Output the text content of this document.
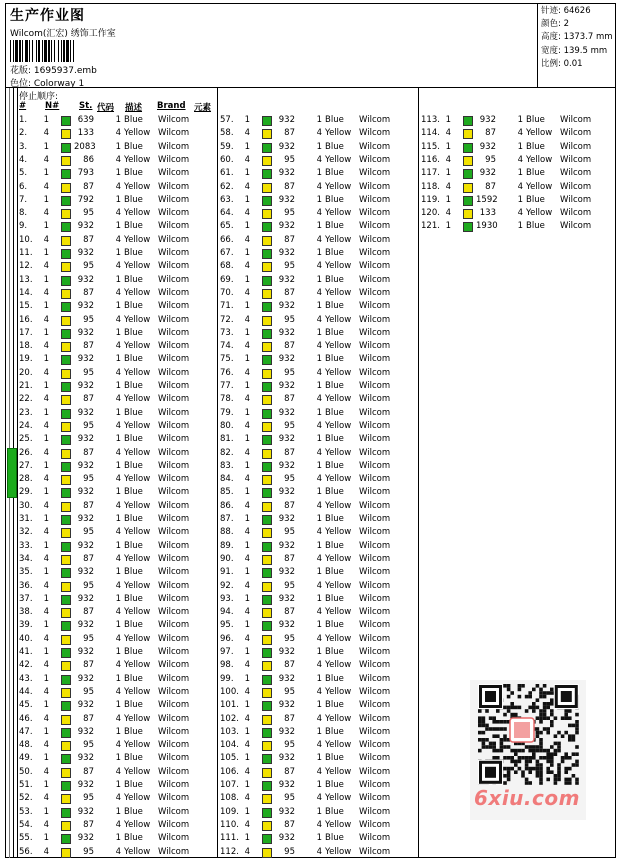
生产作业图
Wilcom(汇宏) 绣饰工作室
花版: 1695937.emb
色位: Colorway 1
针迹: 64626
颜色: 2
高度: 1373.7 mm
宽度: 139.5 mm
比例: 0.01
停止顺序:
# N# St. 代码 描述 Brand 元素
1.	1	639	1 Blue Wilcom
2.	4	133	4 Yellow Wilcom
3.	1	2083	1 Blue Wilcom
4.	4	86	4 Yellow Wilcom
5.	1	793	1 Blue Wilcom
6.	4	87	4 Yellow Wilcom
7.	1	792	1 Blue Wilcom
8.	4	95	4 Yellow Wilcom
9.	1	932	1 Blue Wilcom
10.	4	87	4 Yellow Wilcom
11.	1	932	1 Blue Wilcom
12.	4	95	4 Yellow Wilcom
13.	1	932	1 Blue Wilcom
14.	4	87	4 Yellow Wilcom
15.	1	932	1 Blue Wilcom
16.	4	95	4 Yellow Wilcom
17.	1	932	1 Blue Wilcom
18.	4	87	4 Yellow Wilcom
19.	1	932	1 Blue Wilcom
20.	4	95	4 Yellow Wilcom
21.	1	932	1 Blue Wilcom
22.	4	87	4 Yellow Wilcom
23.	1	932	1 Blue Wilcom
24.	4	95	4 Yellow Wilcom
25.	1	932	1 Blue Wilcom
26.	4	87	4 Yellow Wilcom
27.	1	932	1 Blue Wilcom
28.	4	95	4 Yellow Wilcom
29.	1	932	1 Blue Wilcom
30.	4	87	4 Yellow Wilcom
31.	1	932	1 Blue Wilcom
32.	4	95	4 Yellow Wilcom
33.	1	932	1 Blue Wilcom
34.	4	87	4 Yellow Wilcom
35.	1	932	1 Blue Wilcom
36.	4	95	4 Yellow Wilcom
37.	1	932	1 Blue Wilcom
38.	4	87	4 Yellow Wilcom
39.	1	932	1 Blue Wilcom
40.	4	95	4 Yellow Wilcom
41.	1	932	1 Blue Wilcom
42.	4	87	4 Yellow Wilcom
43.	1	932	1 Blue Wilcom
44.	4	95	4 Yellow Wilcom
45.	1	932	1 Blue Wilcom
46.	4	87	4 Yellow Wilcom
47.	1	932	1 Blue Wilcom
48.	4	95	4 Yellow Wilcom
49.	1	932	1 Blue Wilcom
50.	4	87	4 Yellow Wilcom
51.	1	932	1 Blue Wilcom
52.	4	95	4 Yellow Wilcom
53.	1	932	1 Blue Wilcom
54.	4	87	4 Yellow Wilcom
55.	1	932	1 Blue Wilcom
56.	4	95	4 Yellow Wilcom
57.	1	932	1 Blue Wilcom
58.	4	87	4 Yellow Wilcom
59.	1	932	1 Blue Wilcom
60.	4	95	4 Yellow Wilcom
61.	1	932	1 Blue Wilcom
62.	4	87	4 Yellow Wilcom
63.	1	932	1 Blue Wilcom
64.	4	95	4 Yellow Wilcom
65.	1	932	1 Blue Wilcom
66.	4	87	4 Yellow Wilcom
67.	1	932	1 Blue Wilcom
68.	4	95	4 Yellow Wilcom
69.	1	932	1 Blue Wilcom
70.	4	87	4 Yellow Wilcom
71.	1	932	1 Blue Wilcom
72.	4	95	4 Yellow Wilcom
73.	1	932	1 Blue Wilcom
74.	4	87	4 Yellow Wilcom
75.	1	932	1 Blue Wilcom
76.	4	95	4 Yellow Wilcom
77.	1	932	1 Blue Wilcom
78.	4	87	4 Yellow Wilcom
79.	1	932	1 Blue Wilcom
80.	4	95	4 Yellow Wilcom
81.	1	932	1 Blue Wilcom
82.	4	87	4 Yellow Wilcom
83.	1	932	1 Blue Wilcom
84.	4	95	4 Yellow Wilcom
85.	1	932	1 Blue Wilcom
86.	4	87	4 Yellow Wilcom
87.	1	932	1 Blue Wilcom
88.	4	95	4 Yellow Wilcom
89.	1	932	1 Blue Wilcom
90.	4	87	4 Yellow Wilcom
91.	1	932	1 Blue Wilcom
92.	4	95	4 Yellow Wilcom
93.	1	932	1 Blue Wilcom
94.	4	87	4 Yellow Wilcom
95.	1	932	1 Blue Wilcom
96.	4	95	4 Yellow Wilcom
97.	1	932	1 Blue Wilcom
98.	4	87	4 Yellow Wilcom
99.	1	932	1 Blue Wilcom
100. 4	95	4 Yellow Wilcom
101. 1	932	1 Blue Wilcom
102. 4	87	4 Yellow Wilcom
103. 1	932	1 Blue Wilcom
104. 4	95	4 Yellow Wilcom
105. 1	932	1 Blue Wilcom
106. 4	87	4 Yellow Wilcom
107. 1	932	1 Blue Wilcom
108. 4	95	4 Yellow Wilcom
109. 1	932	1 Blue Wilcom
110. 4	87	4 Yellow Wilcom
111. 1	932	1 Blue Wilcom
112. 4	95	4 Yellow Wilcom
113. 1	932	1 Blue Wilcom
114. 4	87	4 Yellow Wilcom
115. 1	932	1 Blue Wilcom
116. 4	95	4 Yellow Wilcom
117. 1	932	1 Blue Wilcom
118. 4	87	4 Yellow Wilcom
119. 1	1592	1 Blue Wilcom
120. 4	133	4 Yellow Wilcom
121. 1	1930	1 Blue Wilcom
6xiu.com
